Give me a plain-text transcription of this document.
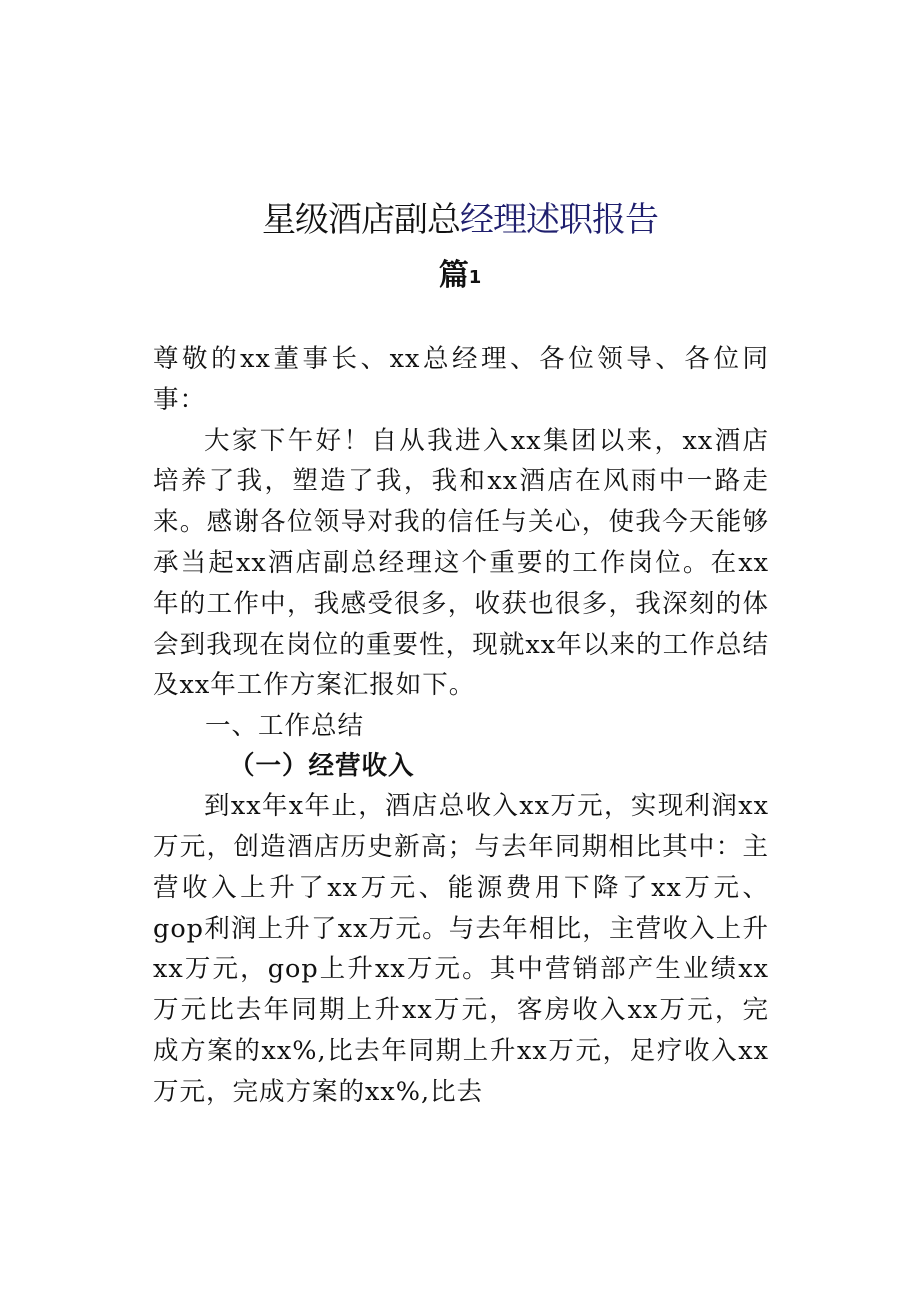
星级酒店副总经理述职报告
篇1

尊敬的xx董事长、xx总经理、各位领导、各位同事：

大家下午好！自从我进入xx集团以来，xx酒店培养了我，塑造了我，我和xx酒店在风雨中一路走来。感谢各位领导对我的信任与关心，使我今天能够承当起xx酒店副总经理这个重要的工作岗位。在xx年的工作中，我感受很多，收获也很多，我深刻的体会到我现在岗位的重要性，现就xx年以来的工作总结及xx年工作方案汇报如下。

一、工作总结

（一）经营收入

到xx年x年止，酒店总收入xx万元，实现利润xx万元，创造酒店历史新高；与去年同期相比其中：主营收入上升了xx万元、能源费用下降了xx万元、gop利润上升了xx万元。与去年相比，主营收入上升xx万元，gop上升xx万元。其中营销部产生业绩xx万元比去年同期上升xx万元，客房收入xx万元，完成方案的xx%,比去年同期上升xx万元，足疗收入xx万元，完成方案的xx%,比去
